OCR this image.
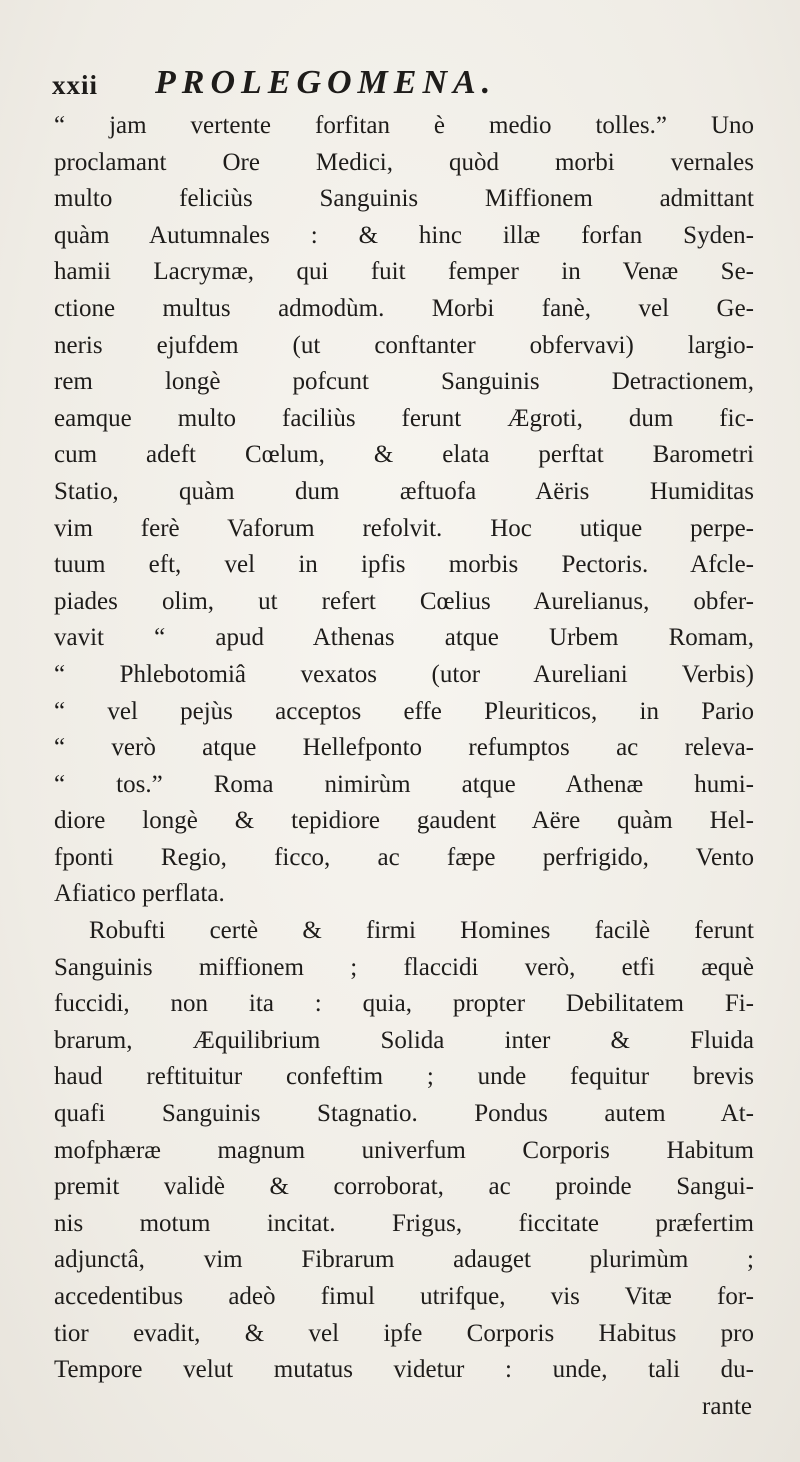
xxii PROLEGOMENA.
“ jam vertente forfitan è medio tolles.” Uno
proclamant Ore Medici, quòd morbi vernales
multo feliciùs Sanguinis Miffionem admittant
quàm Autumnales : & hinc illæ forfan Syden-
hamii Lacrymæ, qui fuit femper in Venæ Se-
ctione multus admodùm. Morbi fanè, vel Ge-
neris ejufdem (ut conftanter obfervavi) largio-
rem longè pofcunt Sanguinis Detractionem,
eamque multo faciliùs ferunt Ægroti, dum fic-
cum adeft Cœlum, & elata perftat Barometri
Statio, quàm dum æftuofa Aëris Humiditas
vim ferè Vaforum refolvit. Hoc utique perpe-
tuum eft, vel in ipfis morbis Pectoris. Afcle-
piades olim, ut refert Cœlius Aurelianus, obfer-
vavit “ apud Athenas atque Urbem Romam,
“ Phlebotomiâ vexatos (utor Aureliani Verbis)
“ vel pejùs acceptos effe Pleuriticos, in Pario
“ verò atque Hellefponto refumptos ac releva-
“ tos.” Roma nimirùm atque Athenæ humi-
diore longè & tepidiore gaudent Aëre quàm Hel-
fponti Regio, ficco, ac fæpe perfrigido, Vento
Afiatico perflata.
Robufti certè & firmi Homines facilè ferunt
Sanguinis miffionem ; flaccidi verò, etfi æquè
fuccidi, non ita : quia, propter Debilitatem Fi-
brarum, Æquilibrium Solida inter & Fluida
haud reftituitur confeftim ; unde fequitur brevis
quafi Sanguinis Stagnatio. Pondus autem At-
mofphæræ magnum univerfum Corporis Habitum
premit validè & corroborat, ac proinde Sangui-
nis motum incitat. Frigus, ficcitate præfertim
adjunctâ, vim Fibrarum adauget plurimùm ;
accedentibus adeò fimul utrifque, vis Vitæ for-
tior evadit, & vel ipfe Corporis Habitus pro
Tempore velut mutatus videtur : unde, tali du-
rante
